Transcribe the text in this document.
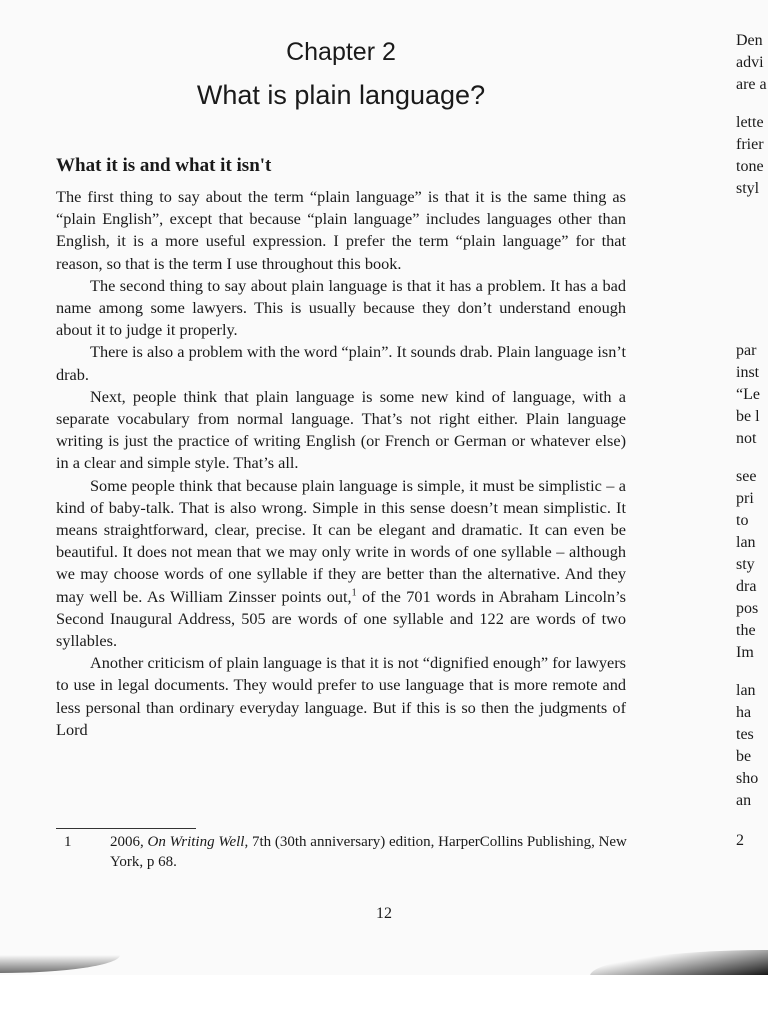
Chapter 2
What is plain language?
What it is and what it isn't

The first thing to say about the term “plain language” is that it is the same thing as “plain English”, except that because “plain language” includes languages other than English, it is a more useful expression. I prefer the term “plain language” for that reason, so that is the term I use throughout this book.

The second thing to say about plain language is that it has a problem. It has a bad name among some lawyers. This is usually because they don’t understand enough about it to judge it properly.

There is also a problem with the word “plain”. It sounds drab. Plain language isn’t drab.

Next, people think that plain language is some new kind of language, with a separate vocabulary from normal language. That’s not right either. Plain language writing is just the practice of writing English (or French or German or whatever else) in a clear and simple style. That’s all.

Some people think that because plain language is simple, it must be simplistic – a kind of baby-talk. That is also wrong. Simple in this sense doesn’t mean simplistic. It means straightforward, clear, precise. It can be elegant and dramatic. It can even be beautiful. It does not mean that we may only write in words of one syllable – although we may choose words of one syllable if they are better than the alternative. And they may well be. As William Zinsser points out,$^1$ of the 701 words in Abraham Lincoln’s Second Inaugural Address, 505 are words of one syllable and 122 are words of two syllables.

Another criticism of plain language is that it is not “dignified enough” for lawyers to use in legal documents. They would prefer to use language that is more remote and less personal than ordinary everyday language. But if this is so then the judgments of Lord

1	2006, On Writing Well, 7th (30th anniversary) edition, HarperCollins Publishing, New York, p 68.
12
Den
advi
are a
lette
frier
tone
styl
par
inst
“Le
be l
not
see
pri
to
lan
sty
dra
pos
the
Im
lan
ha
tes
be
sho
an
2
